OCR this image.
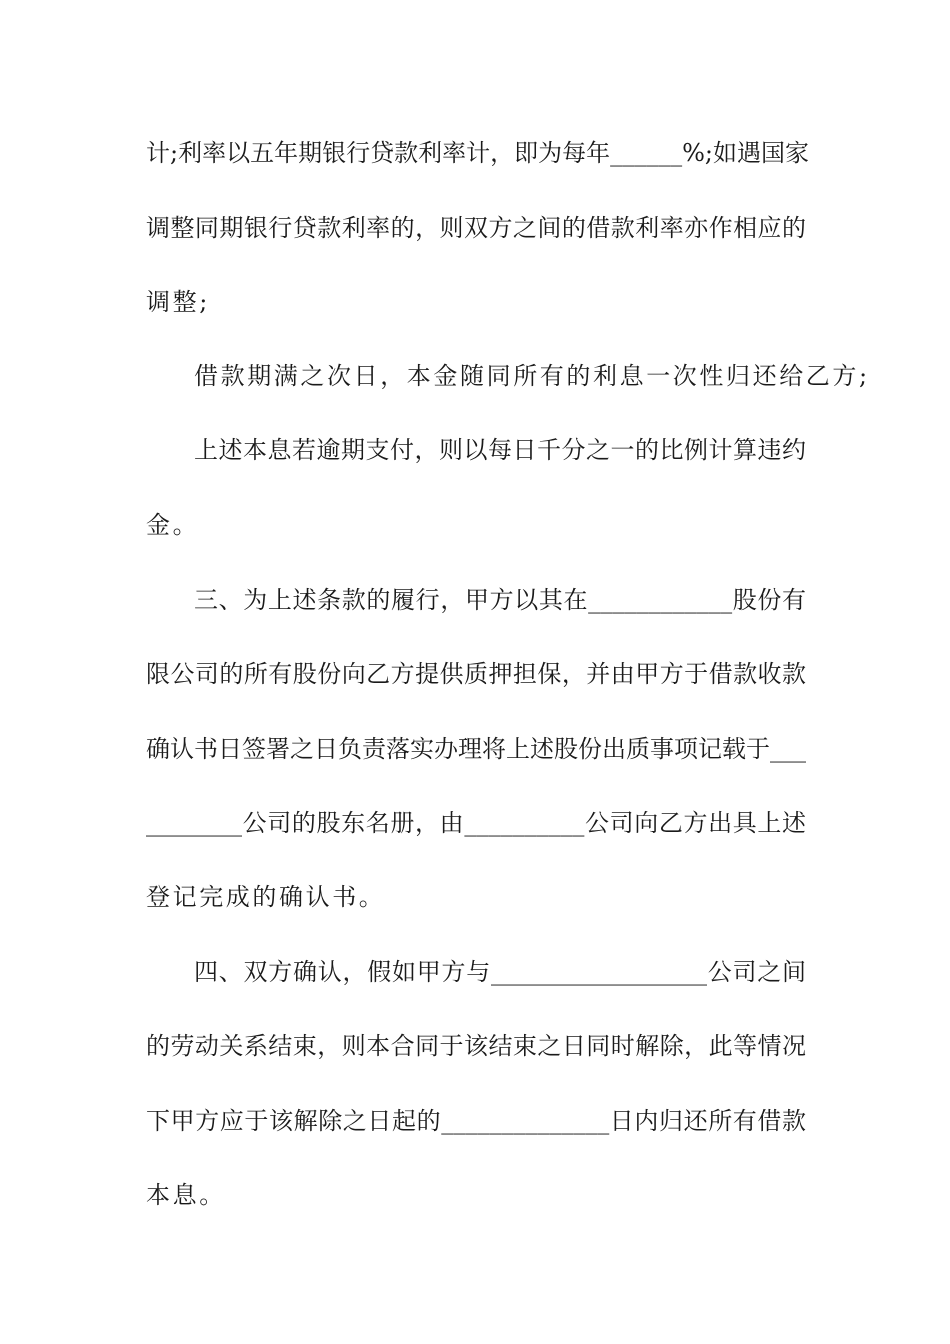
计;利率以五年期银行贷款利率计，即为每年______%;如遇国家
调整同期银行贷款利率的，则双方之间的借款利率亦作相应的
调整;
借款期满之次日，本金随同所有的利息一次性归还给乙方;
上述本息若逾期支付，则以每日千分之一的比例计算违约
金。
三、为上述条款的履行，甲方以其在____________股份有
限公司的所有股份向乙方提供质押担保，并由甲方于借款收款
确认书日签署之日负责落实办理将上述股份出质事项记载于___
________公司的股东名册，由__________公司向乙方出具上述
登记完成的确认书。
四、双方确认，假如甲方与__________________公司之间
的劳动关系结束，则本合同于该结束之日同时解除，此等情况
下甲方应于该解除之日起的______________日内归还所有借款
本息。
